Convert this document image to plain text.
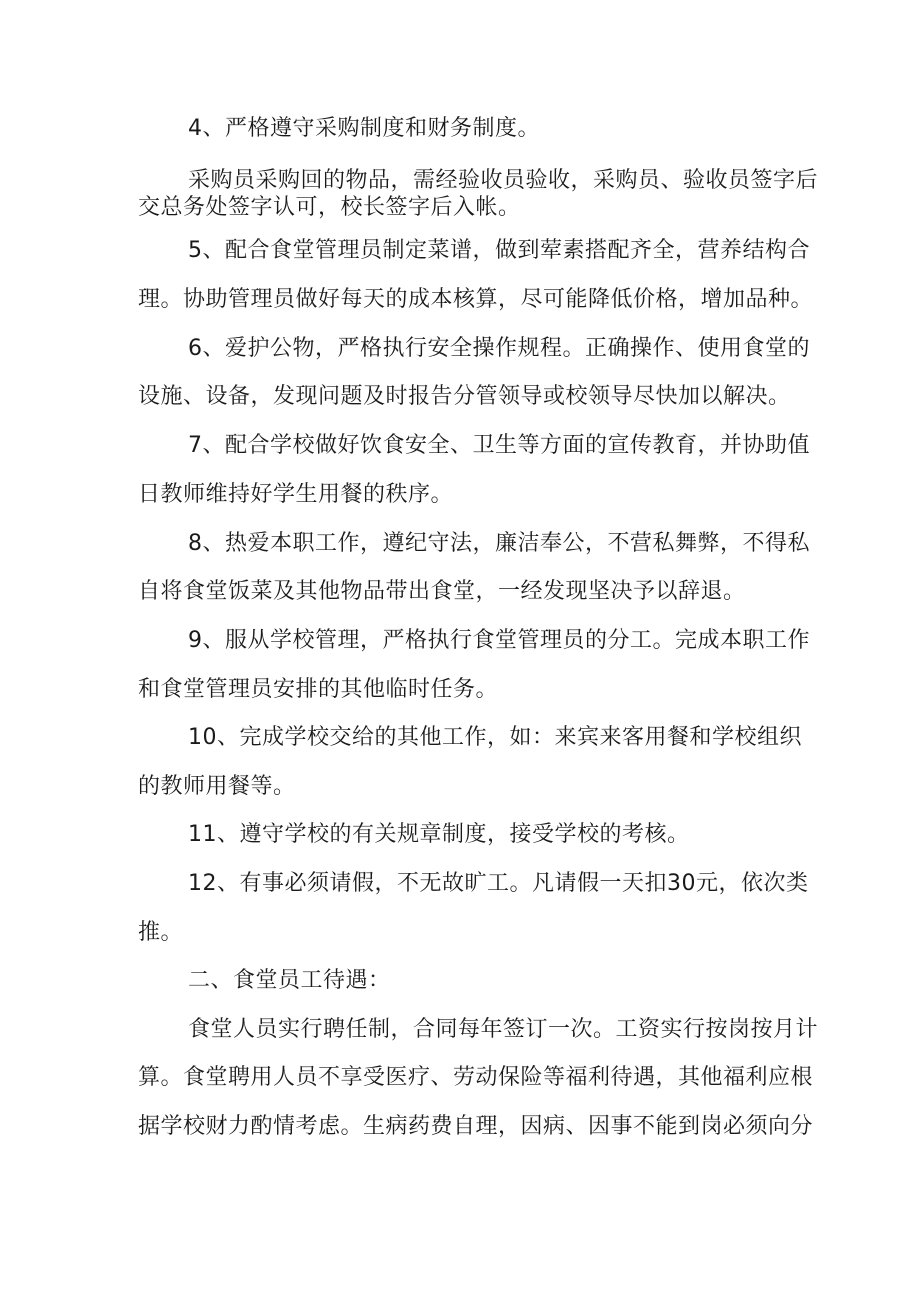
4、严格遵守采购制度和财务制度。
采购员采购回的物品，需经验收员验收，采购员、验收员签字后
交总务处签字认可，校长签字后入帐。
5、配合食堂管理员制定菜谱，做到荤素搭配齐全，营养结构合
理。协助管理员做好每天的成本核算，尽可能降低价格，增加品种。
6、爱护公物，严格执行安全操作规程。正确操作、使用食堂的
设施、设备，发现问题及时报告分管领导或校领导尽快加以解决。
7、配合学校做好饮食安全、卫生等方面的宣传教育，并协助值
日教师维持好学生用餐的秩序。
8、热爱本职工作，遵纪守法，廉洁奉公，不营私舞弊，不得私
自将食堂饭菜及其他物品带出食堂，一经发现坚决予以辞退。
9、服从学校管理，严格执行食堂管理员的分工。完成本职工作
和食堂管理员安排的其他临时任务。
10、完成学校交给的其他工作，如：来宾来客用餐和学校组织
的教师用餐等。
11、遵守学校的有关规章制度，接受学校的考核。
12、有事必须请假，不无故旷工。凡请假一天扣30元，依次类
推。
二、食堂员工待遇：
食堂人员实行聘任制，合同每年签订一次。工资实行按岗按月计
算。食堂聘用人员不享受医疗、劳动保险等福利待遇，其他福利应根
据学校财力酌情考虑。生病药费自理，因病、因事不能到岗必须向分
